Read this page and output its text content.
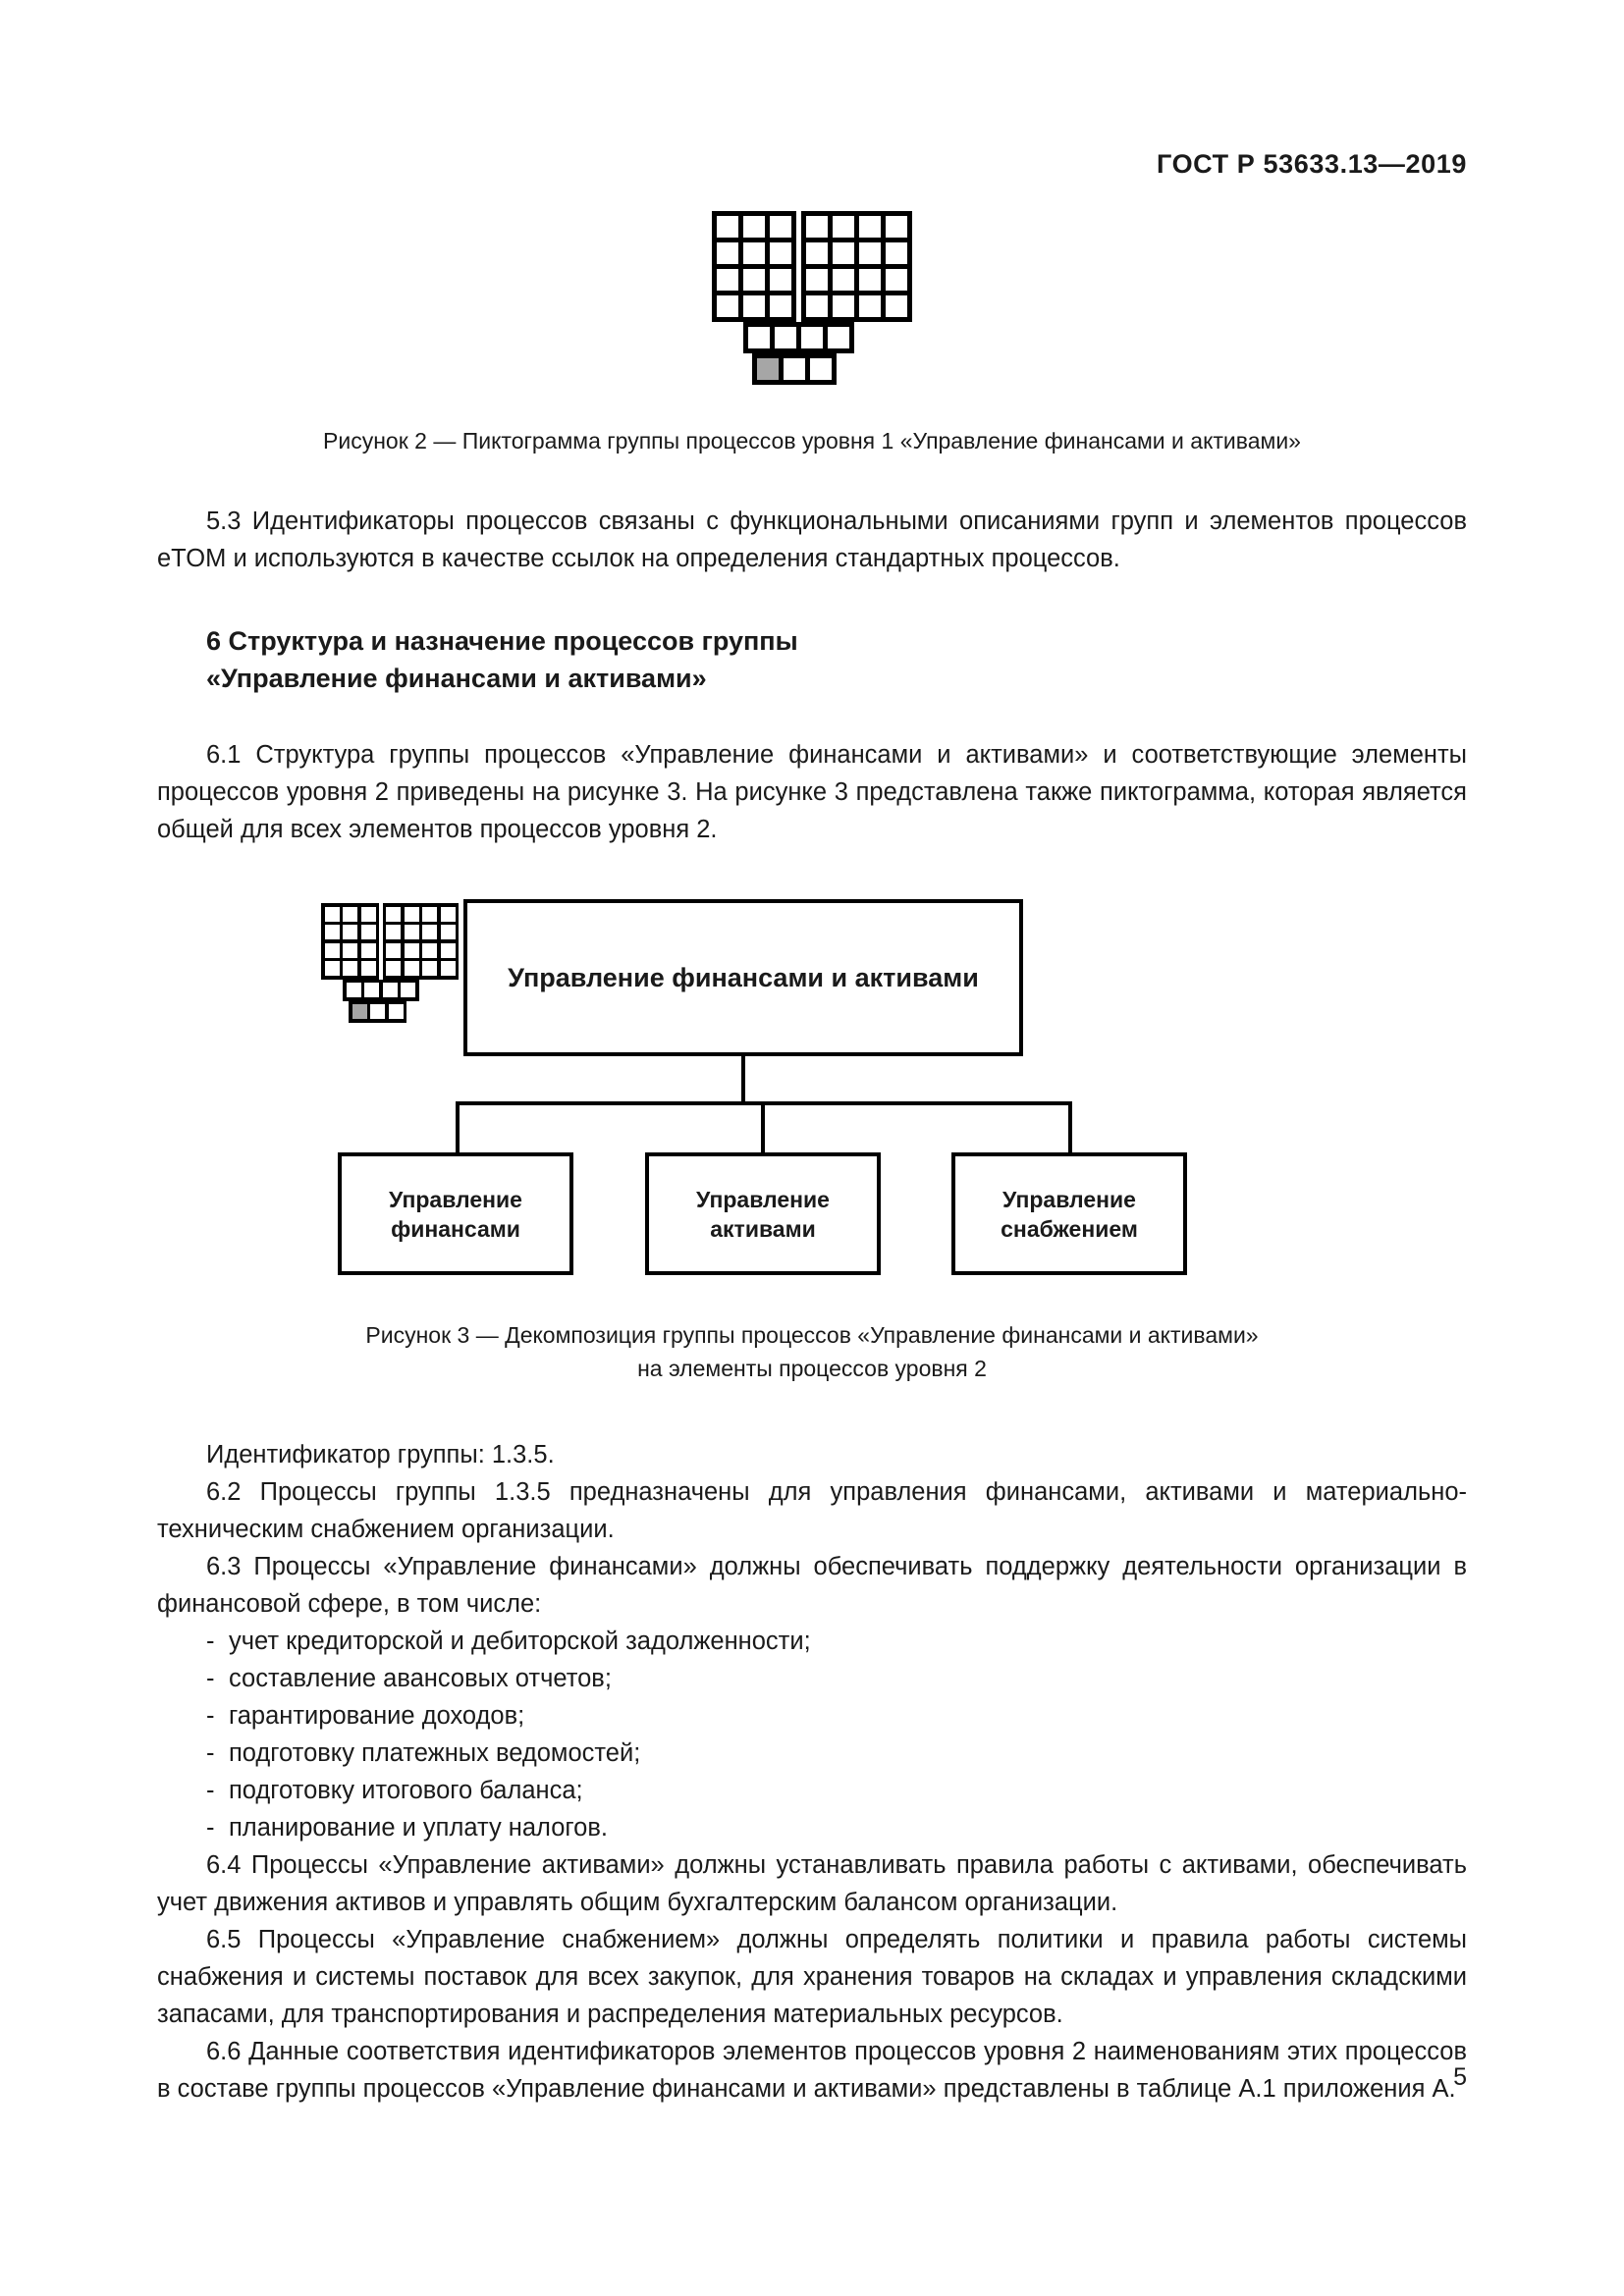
ГОСТ Р 53633.13—2019
Рисунок 2 — Пиктограмма группы процессов уровня 1 «Управление финансами и активами»

5.3 Идентификаторы процессов связаны с функциональными описаниями групп и элементов процессов eTOM и используются в качестве ссылок на определения стандартных процессов.

6 Структура и назначение процессов группы
«Управление финансами и активами»

6.1 Структура группы процессов «Управление финансами и активами» и соответствующие элементы процессов уровня 2 приведены на рисунке 3. На рисунке 3 представлена также пиктограмма, которая является общей для всех элементов процессов уровня 2.

Управление финансами и активами
Управление
финансами
Управление
активами
Управление
снабжением
Рисунок 3 — Декомпозиция группы процессов «Управление финансами и активами»
на элементы процессов уровня 2

Идентификатор группы: 1.3.5.

6.2 Процессы группы 1.3.5 предназначены для управления финансами, активами и материально-техническим снабжением организации.

6.3 Процессы «Управление финансами» должны обеспечивать поддержку деятельности организации в финансовой сфере, в том числе:

- учет кредиторской и дебиторской задолженности;
- составление авансовых отчетов;
- гарантирование доходов;
- подготовку платежных ведомостей;
- подготовку итогового баланса;
- планирование и уплату налогов.

6.4 Процессы «Управление активами» должны устанавливать правила работы с активами, обеспечивать учет движения активов и управлять общим бухгалтерским балансом организации.

6.5 Процессы «Управление снабжением» должны определять политики и правила работы системы снабжения и системы поставок для всех закупок, для хранения товаров на складах и управления складскими запасами, для транспортирования и распределения материальных ресурсов.

6.6 Данные соответствия идентификаторов элементов процессов уровня 2 наименованиям этих процессов в составе группы процессов «Управление финансами и активами» представлены в таблице А.1 приложения А.

5
